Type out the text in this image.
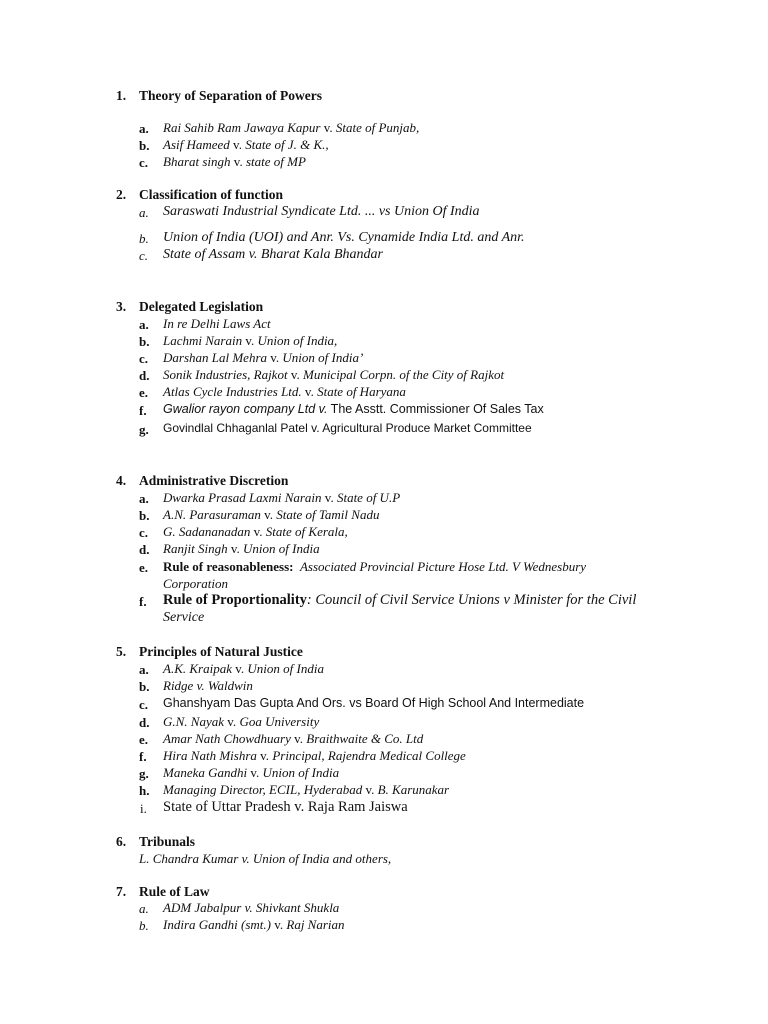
1. Theory of Separation of Powers
a. Rai Sahib Ram Jawaya Kapur v. State of Punjab,
b. Asif Hameed v. State of J. & K.,
c. Bharat singh v. state of MP
2. Classification of function
a. Saraswati Industrial Syndicate Ltd. ... vs Union Of India
b. Union of India (UOI) and Anr. Vs. Cynamide India Ltd. and Anr.
c. State of Assam v. Bharat Kala Bhandar
3. Delegated Legislation
a. In re Delhi Laws Act
b. Lachmi Narain v. Union of India,
c. Darshan Lal Mehra v. Union of India’
d. Sonik Industries, Rajkot v. Municipal Corpn. of the City of Rajkot
e. Atlas Cycle Industries Ltd. v. State of Haryana
f. Gwalior rayon company Ltd v. The Asstt. Commissioner Of Sales Tax
g. Govindlal Chhaganlal Patel v. Agricultural Produce Market Committee
4. Administrative Discretion
a. Dwarka Prasad Laxmi Narain v. State of U.P
b. A.N. Parasuraman v. State of Tamil Nadu
c. G. Sadananadan v. State of Kerala,
d. Ranjit Singh v. Union of India
e. Rule of reasonableness: Associated Provincial Picture Hose Ltd. V Wednesbury
Corporation
f. Rule of Proportionality: Council of Civil Service Unions v Minister for the Civil
Service
5. Principles of Natural Justice
a. A.K. Kraipak v. Union of India
b. Ridge v. Waldwin
c. Ghanshyam Das Gupta And Ors. vs Board Of High School And Intermediate
d. G.N. Nayak v. Goa University
e. Amar Nath Chowdhuary v. Braithwaite & Co. Ltd
f. Hira Nath Mishra v. Principal, Rajendra Medical College
g. Maneka Gandhi v. Union of India
h. Managing Director, ECIL, Hyderabad v. B. Karunakar
i. State of Uttar Pradesh v. Raja Ram Jaiswa
6. Tribunals
L. Chandra Kumar v. Union of India and others,
7. Rule of Law
a. ADM Jabalpur v. Shivkant Shukla
b. Indira Gandhi (smt.) v. Raj Narian
